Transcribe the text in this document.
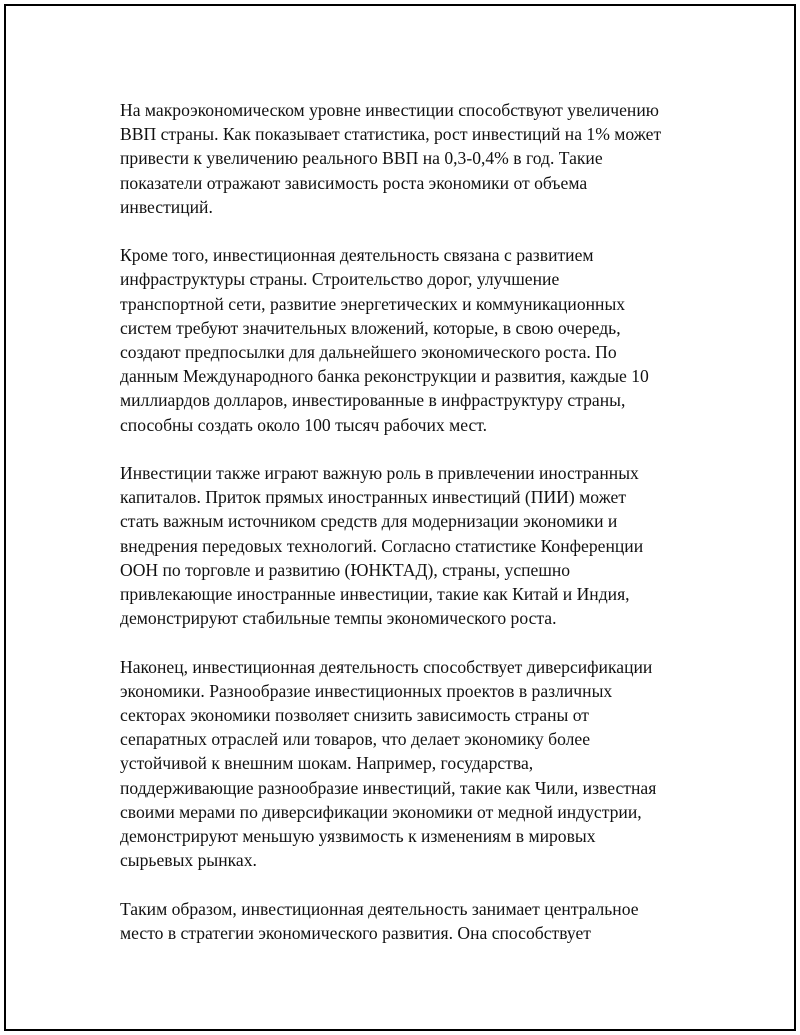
На макроэкономическом уровне инвестиции способствуют увеличению
ВВП страны. Как показывает статистика, рост инвестиций на 1% может
привести к увеличению реального ВВП на 0,3-0,4% в год. Такие
показатели отражают зависимость роста экономики от объема
инвестиций.

Кроме того, инвестиционная деятельность связана с развитием
инфраструктуры страны. Строительство дорог, улучшение
транспортной сети, развитие энергетических и коммуникационных
систем требуют значительных вложений, которые, в свою очередь,
создают предпосылки для дальнейшего экономического роста. По
данным Международного банка реконструкции и развития, каждые 10
миллиардов долларов, инвестированные в инфраструктуру страны,
способны создать около 100 тысяч рабочих мест.

Инвестиции также играют важную роль в привлечении иностранных
капиталов. Приток прямых иностранных инвестиций (ПИИ) может
стать важным источником средств для модернизации экономики и
внедрения передовых технологий. Согласно статистике Конференции
ООН по торговле и развитию (ЮНКТАД), страны, успешно
привлекающие иностранные инвестиции, такие как Китай и Индия,
демонстрируют стабильные темпы экономического роста.

Наконец, инвестиционная деятельность способствует диверсификации
экономики. Разнообразие инвестиционных проектов в различных
секторах экономики позволяет снизить зависимость страны от
сепаратных отраслей или товаров, что делает экономику более
устойчивой к внешним шокам. Например, государства,
поддерживающие разнообразие инвестиций, такие как Чили, известная
своими мерами по диверсификации экономики от медной индустрии,
демонстрируют меньшую уязвимость к изменениям в мировых
сырьевых рынках.

Таким образом, инвестиционная деятельность занимает центральное
место в стратегии экономического развития. Она способствует
